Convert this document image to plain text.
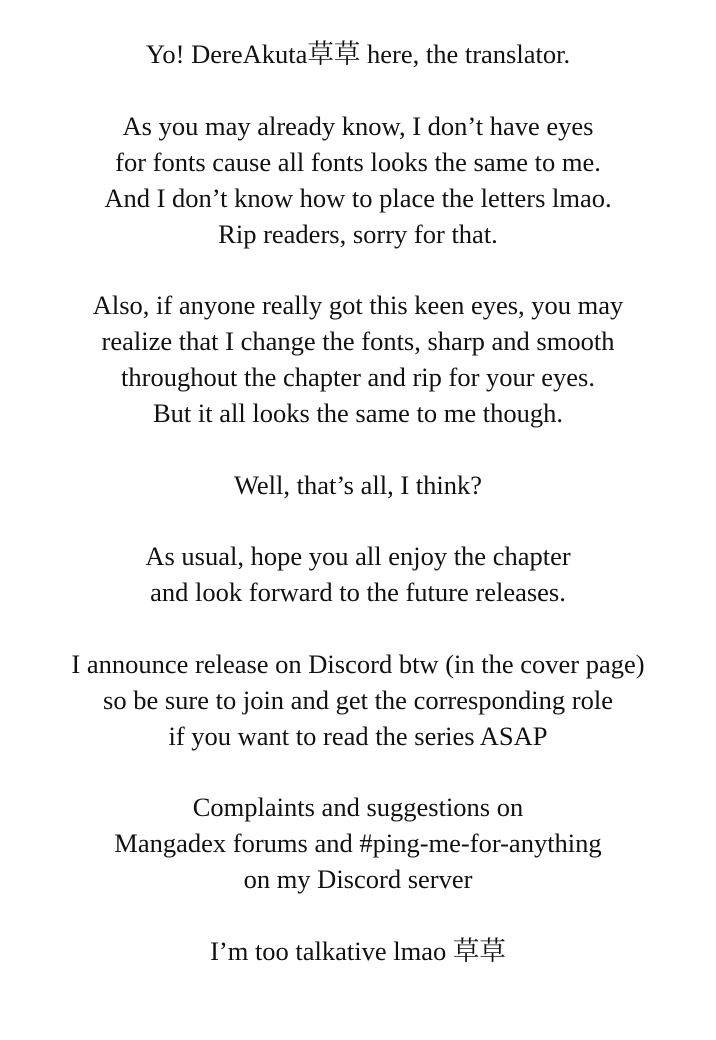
Yo! DereAkuta草草 here, the translator.

As you may already know, I don’t have eyes
for fonts cause all fonts looks the same to me.
And I don’t know how to place the letters lmao.
Rip readers, sorry for that.

Also, if anyone really got this keen eyes, you may
realize that I change the fonts, sharp and smooth
throughout the chapter and rip for your eyes.
But it all looks the same to me though.

Well, that’s all, I think?

As usual, hope you all enjoy the chapter
and look forward to the future releases.

I announce release on Discord btw (in the cover page)
so be sure to join and get the corresponding role
if you want to read the series ASAP

Complaints and suggestions on
Mangadex forums and #ping-me-for-anything
on my Discord server

I’m too talkative lmao 草草
